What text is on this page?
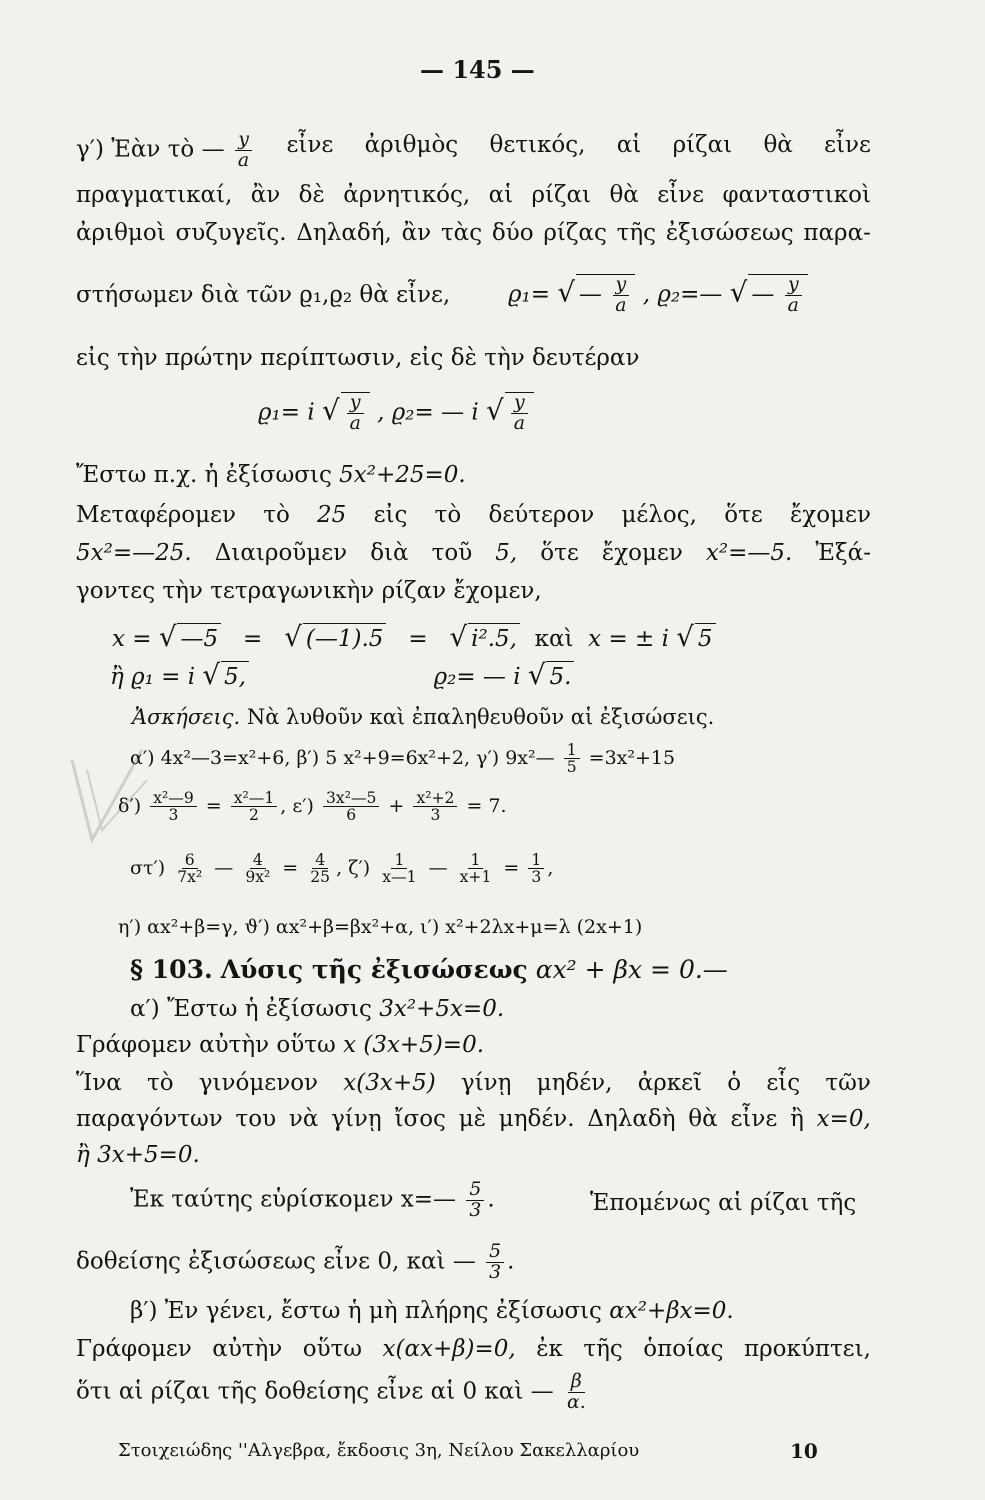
— 145 —
γ′) Ἐὰν τὸ — $\frac{y}{a}$ εἶνε ἀριθμὸς θετικός, αἱ ρίζαι θὰ εἶνε
πραγματικαί, ἂν δὲ ἀρνητικός, αἱ ρίζαι θὰ εἶνε φανταστικοὶ
ἀριθμοὶ συζυγεῖς. Δηλαδή, ἂν τὰς δύο ρίζας τῆς ἐξισώσεως παρα-
στήσωμεν διὰ τῶν ϱ₁,ϱ₂ θὰ εἶνε,	ϱ₁= √ — $\frac{y}{a}$ , ϱ₂=— √ — $\frac{y}{a}$
εἰς τὴν πρώτην περίπτωσιν, εἰς δὲ τὴν δευτέραν
ϱ₁= i √ $\frac{y}{a}$ , ϱ₂= — i √ $\frac{y}{a}$
Ἔστω π.χ. ἡ ἐξίσωσις 5x²+25=0.
Μεταφέρομεν τὸ 25 εἰς τὸ δεύτερον μέλος, ὅτε ἔχομεν
5x²=—25. Διαιροῦμεν διὰ τοῦ 5, ὅτε ἔχομεν x²=—5. Ἐξά-
γοντες τὴν τετραγωνικὴν ρίζαν ἔχομεν,
x = √ —5 = √ (—1).5 = √ i².5, καὶ x = ± i √ 5
ἢ ϱ₁ = i √ 5,	ϱ₂= — i √ 5.
Ἀσκήσεις. Νὰ λυθοῦν καὶ ἐπαληθευθοῦν αἱ ἐξισώσεις.
α′) 4x²—3=x²+6, β′) 5 x²+9=6x²+2, γ′) 9x²— $\frac{1}{5} =3x^2+15$
$\delta') \frac{\text{x²—9}}{3} = \frac{\text{x²—1}}{2}$ , $\varepsilon') \frac{\text{3x²—5}}{6} + \frac{\text{x²+2}}{3} = 7$.
$\sigma\tau') \frac{6}{\text{7x²}}$ — $\frac{4}{\text{9x²}} = \frac{4}{25}$ , $\zeta') \frac{1}{x—1}$ — $\frac{1}{x+1} = \frac{1}{3}$ ,
η′) αx²+β=γ, ϑ′) αx²+β=βx²+α, ι′) x²+2λx+μ=λ (2x+1)
§ 103. Λύσις τῆς ἐξισώσεως αx² + βx = 0.—
α′) Ἔστω ἡ ἐξίσωσις 3x²+5x=0.
Γράφομεν αὐτὴν οὕτω x (3x+5)=0.
Ἵνα τὸ γινόμενον x(3x+5) γίνῃ μηδέν, ἀρκεῖ ὁ εἷς τῶν
παραγόντων του νὰ γίνῃ ἴσος μὲ μηδέν. Δηλαδὴ θὰ εἶνε ἢ x=0,
ἢ 3x+5=0.
Ἐκ ταύτης εὑρίσκομεν x=— $\frac{5}{3}$ .	Ἑπομένως αἱ ρίζαι τῆς
δοθείσης ἐξισώσεως εἶνε 0, καὶ — $\frac{5}{3}$ .
β′) Ἐν γένει, ἔστω ἡ μὴ πλήρης ἐξίσωσις αx²+βx=0.
Γράφομεν αὐτὴν οὕτω x(αx+β)=0, ἐκ τῆς ὁποίας προκύπτει,
ὅτι αἱ ρίζαι τῆς δοθείσης εἶνε αἱ 0 καὶ — $\frac{\beta}{\alpha.}$
Στοιχειώδης ''Αλγεβρα, ἔκδοσις 3η, Νείλου Σακελλαρίου	10
